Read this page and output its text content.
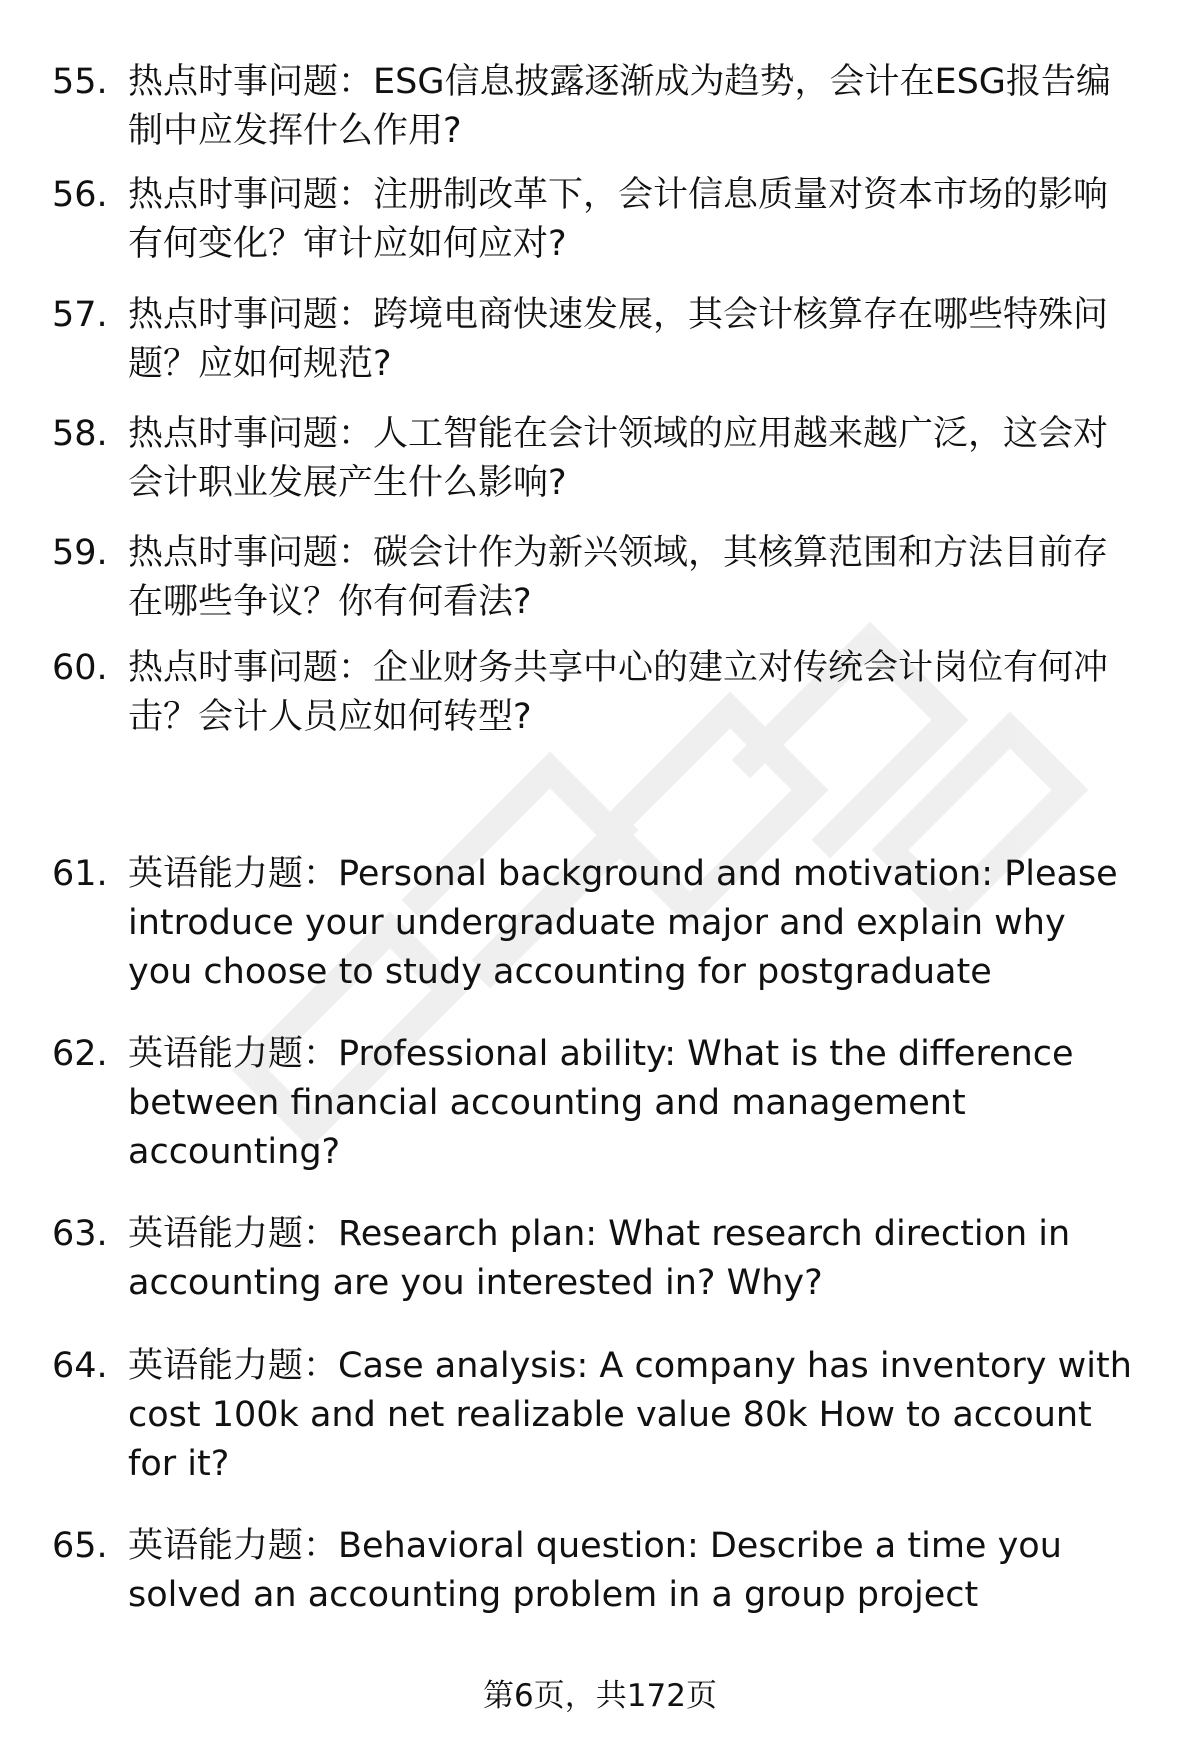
55. 热点时事问题：ESG信息披露逐渐成为趋势，会计在ESG报告编制中应发挥什么作用?
56. 热点时事问题：注册制改革下，会计信息质量对资本市场的影响有何变化？审计应如何应对?
57. 热点时事问题：跨境电商快速发展，其会计核算存在哪些特殊问题？应如何规范?
58. 热点时事问题：人工智能在会计领域的应用越来越广泛，这会对会计职业发展产生什么影响?
59. 热点时事问题：碳会计作为新兴领域，其核算范围和方法目前存在哪些争议？你有何看法?
60. 热点时事问题：企业财务共享中心的建立对传统会计岗位有何冲击？会计人员应如何转型?
61. 英语能力题：Personal background and motivation: Please introduce your undergraduate major and explain why you choose to study accounting for postgraduate
62. 英语能力题：Professional ability: What is the difference between financial accounting and management accounting?
63. 英语能力题：Research plan: What research direction in accounting are you interested in? Why?
64. 英语能力题：Case analysis: A company has inventory with cost 100k and net realizable value 80k How to account for it?
65. 英语能力题：Behavioral question: Describe a time you solved an accounting problem in a group project
第6页，共172页
